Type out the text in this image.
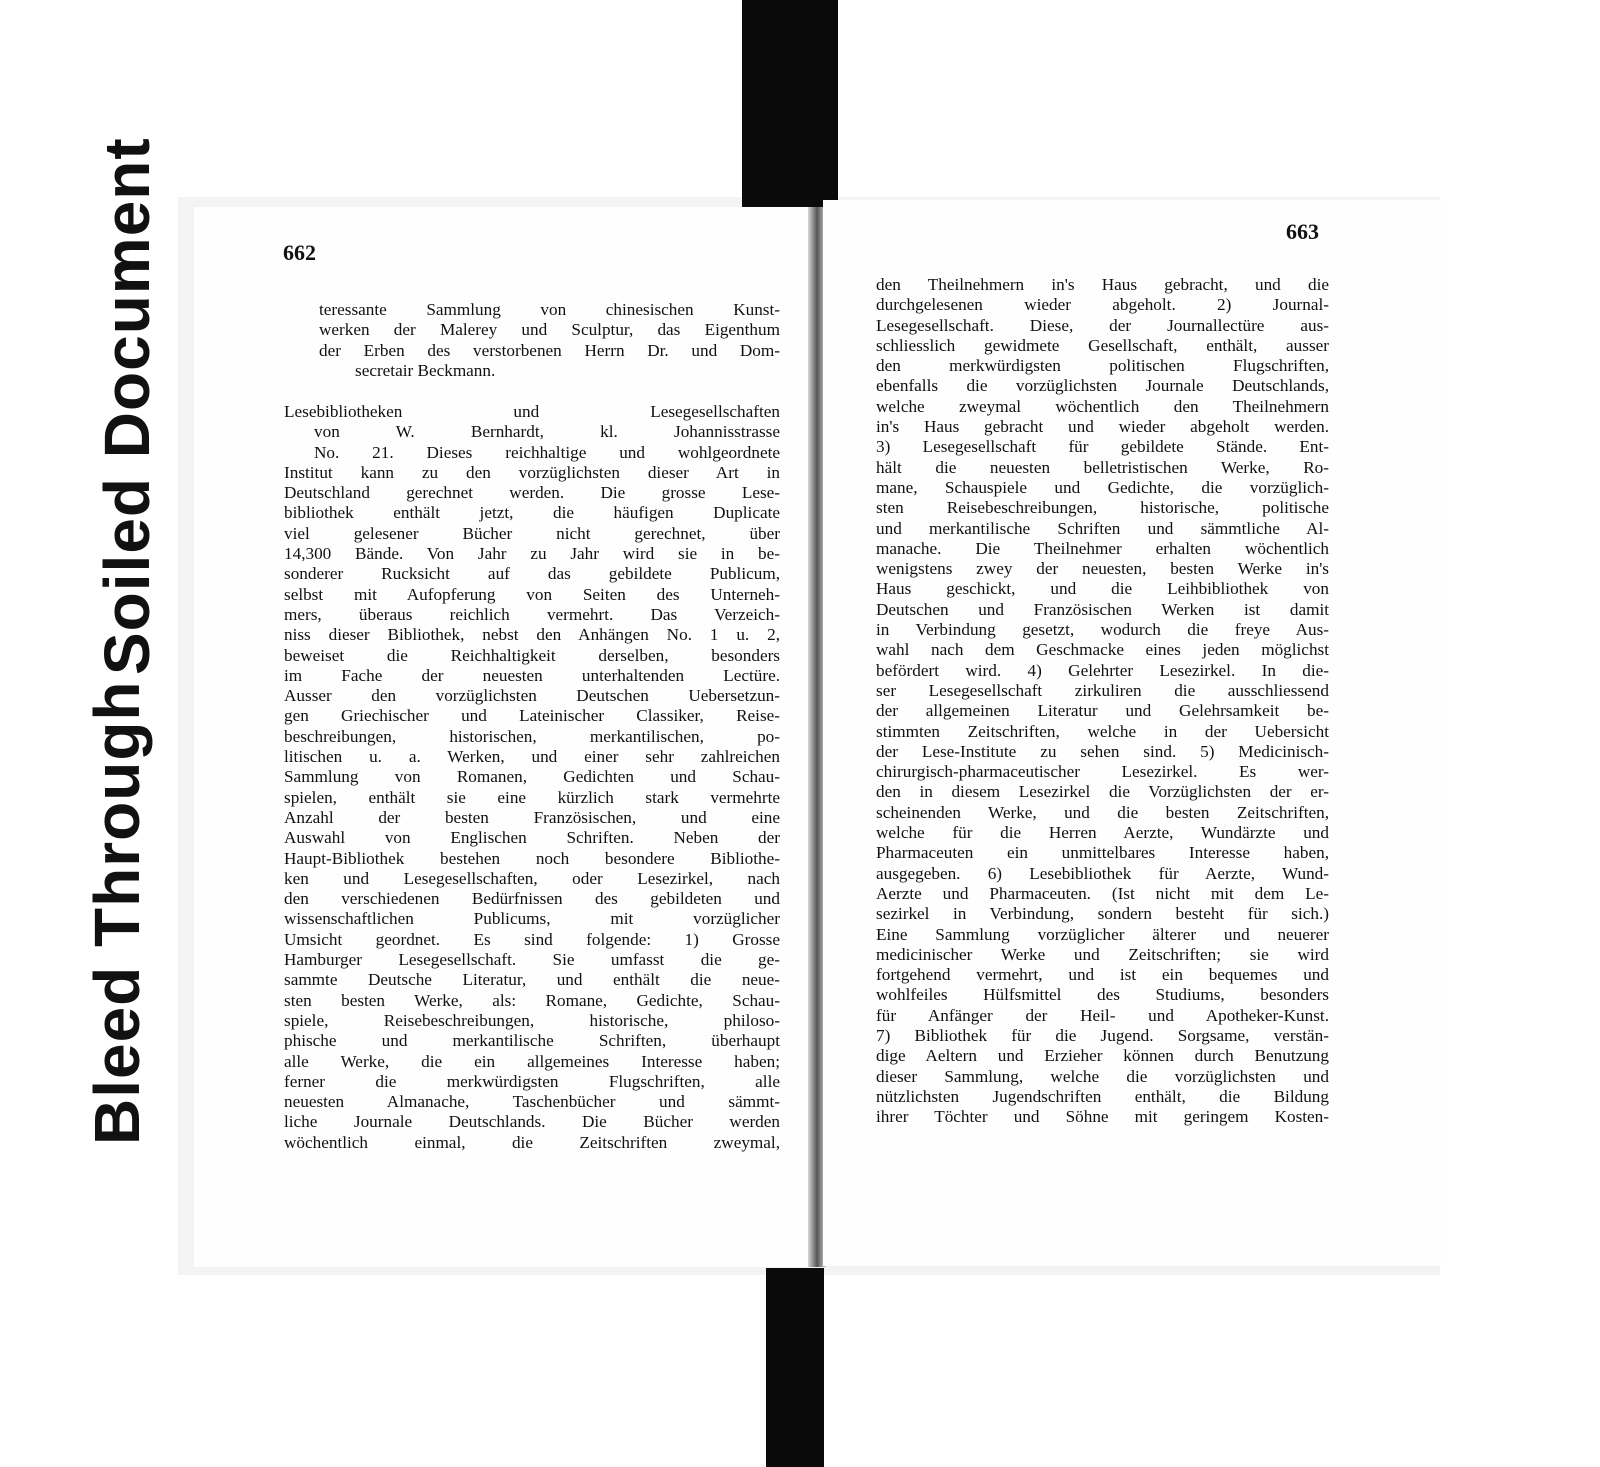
Soiled Document
Bleed Through
662
teressante Sammlung von chinesischen Kunst-
werken der Malerey und Sculptur, das Eigenthum
der Erben des verstorbenen Herrn Dr. und Dom-
secretair Beckmann.
Lesebibliotheken und Lesegesellschaften
von W. Bernhardt, kl. Johannisstrasse
No. 21. Dieses reichhaltige und wohlgeordnete
Institut kann zu den vorzüglichsten dieser Art in
Deutschland gerechnet werden. Die grosse Lese-
bibliothek enthält jetzt, die häufigen Duplicate
viel gelesener Bücher nicht gerechnet, über
14,300 Bände. Von Jahr zu Jahr wird sie in be-
sonderer Rucksicht auf das gebildete Publicum,
selbst mit Aufopferung von Seiten des Unterneh-
mers, überaus reichlich vermehrt. Das Verzeich-
niss dieser Bibliothek, nebst den Anhängen No. 1 u. 2,
beweiset die Reichhaltigkeit derselben, besonders
im Fache der neuesten unterhaltenden Lectüre.
Ausser den vorzüglichsten Deutschen Uebersetzun-
gen Griechischer und Lateinischer Classiker, Reise-
beschreibungen, historischen, merkantilischen, po-
litischen u. a. Werken, und einer sehr zahlreichen
Sammlung von Romanen, Gedichten und Schau-
spielen, enthält sie eine kürzlich stark vermehrte
Anzahl der besten Französischen, und eine
Auswahl von Englischen Schriften. Neben der
Haupt-Bibliothek bestehen noch besondere Bibliothe-
ken und Lesegesellschaften, oder Lesezirkel, nach
den verschiedenen Bedürfnissen des gebildeten und
wissenschaftlichen Publicums, mit vorzüglicher
Umsicht geordnet. Es sind folgende: 1) Grosse
Hamburger Lesegesellschaft. Sie umfasst die ge-
sammte Deutsche Literatur, und enthält die neue-
sten besten Werke, als: Romane, Gedichte, Schau-
spiele, Reisebeschreibungen, historische, philoso-
phische und merkantilische Schriften, überhaupt
alle Werke, die ein allgemeines Interesse haben;
ferner die merkwürdigsten Flugschriften, alle
neuesten Almanache, Taschenbücher und sämmt-
liche Journale Deutschlands. Die Bücher werden
wöchentlich einmal, die Zeitschriften zweymal,
663
den Theilnehmern in's Haus gebracht, und die
durchgelesenen wieder abgeholt. 2) Journal-
Lesegesellschaft. Diese, der Journallectüre aus-
schliesslich gewidmete Gesellschaft, enthält, ausser
den merkwürdigsten politischen Flugschriften,
ebenfalls die vorzüglichsten Journale Deutschlands,
welche zweymal wöchentlich den Theilnehmern
in's Haus gebracht und wieder abgeholt werden.
3) Lesegesellschaft für gebildete Stände. Ent-
hält die neuesten belletristischen Werke, Ro-
mane, Schauspiele und Gedichte, die vorzüglich-
sten Reisebeschreibungen, historische, politische
und merkantilische Schriften und sämmtliche Al-
manache. Die Theilnehmer erhalten wöchentlich
wenigstens zwey der neuesten, besten Werke in's
Haus geschickt, und die Leihbibliothek von
Deutschen und Französischen Werken ist damit
in Verbindung gesetzt, wodurch die freye Aus-
wahl nach dem Geschmacke eines jeden möglichst
befördert wird. 4) Gelehrter Lesezirkel. In die-
ser Lesegesellschaft zirkuliren die ausschliessend
der allgemeinen Literatur und Gelehrsamkeit be-
stimmten Zeitschriften, welche in der Uebersicht
der Lese-Institute zu sehen sind. 5) Medicinisch-
chirurgisch-pharmaceutischer Lesezirkel. Es wer-
den in diesem Lesezirkel die Vorzüglichsten der er-
scheinenden Werke, und die besten Zeitschriften,
welche für die Herren Aerzte, Wundärzte und
Pharmaceuten ein unmittelbares Interesse haben,
ausgegeben. 6) Lesebibliothek für Aerzte, Wund-
Aerzte und Pharmaceuten. (Ist nicht mit dem Le-
sezirkel in Verbindung, sondern besteht für sich.)
Eine Sammlung vorzüglicher älterer und neuerer
medicinischer Werke und Zeitschriften; sie wird
fortgehend vermehrt, und ist ein bequemes und
wohlfeiles Hülfsmittel des Studiums, besonders
für Anfänger der Heil- und Apotheker-Kunst.
7) Bibliothek für die Jugend. Sorgsame, verstän-
dige Aeltern und Erzieher können durch Benutzung
dieser Sammlung, welche die vorzüglichsten und
nützlichsten Jugendschriften enthält, die Bildung
ihrer Töchter und Söhne mit geringem Kosten-
